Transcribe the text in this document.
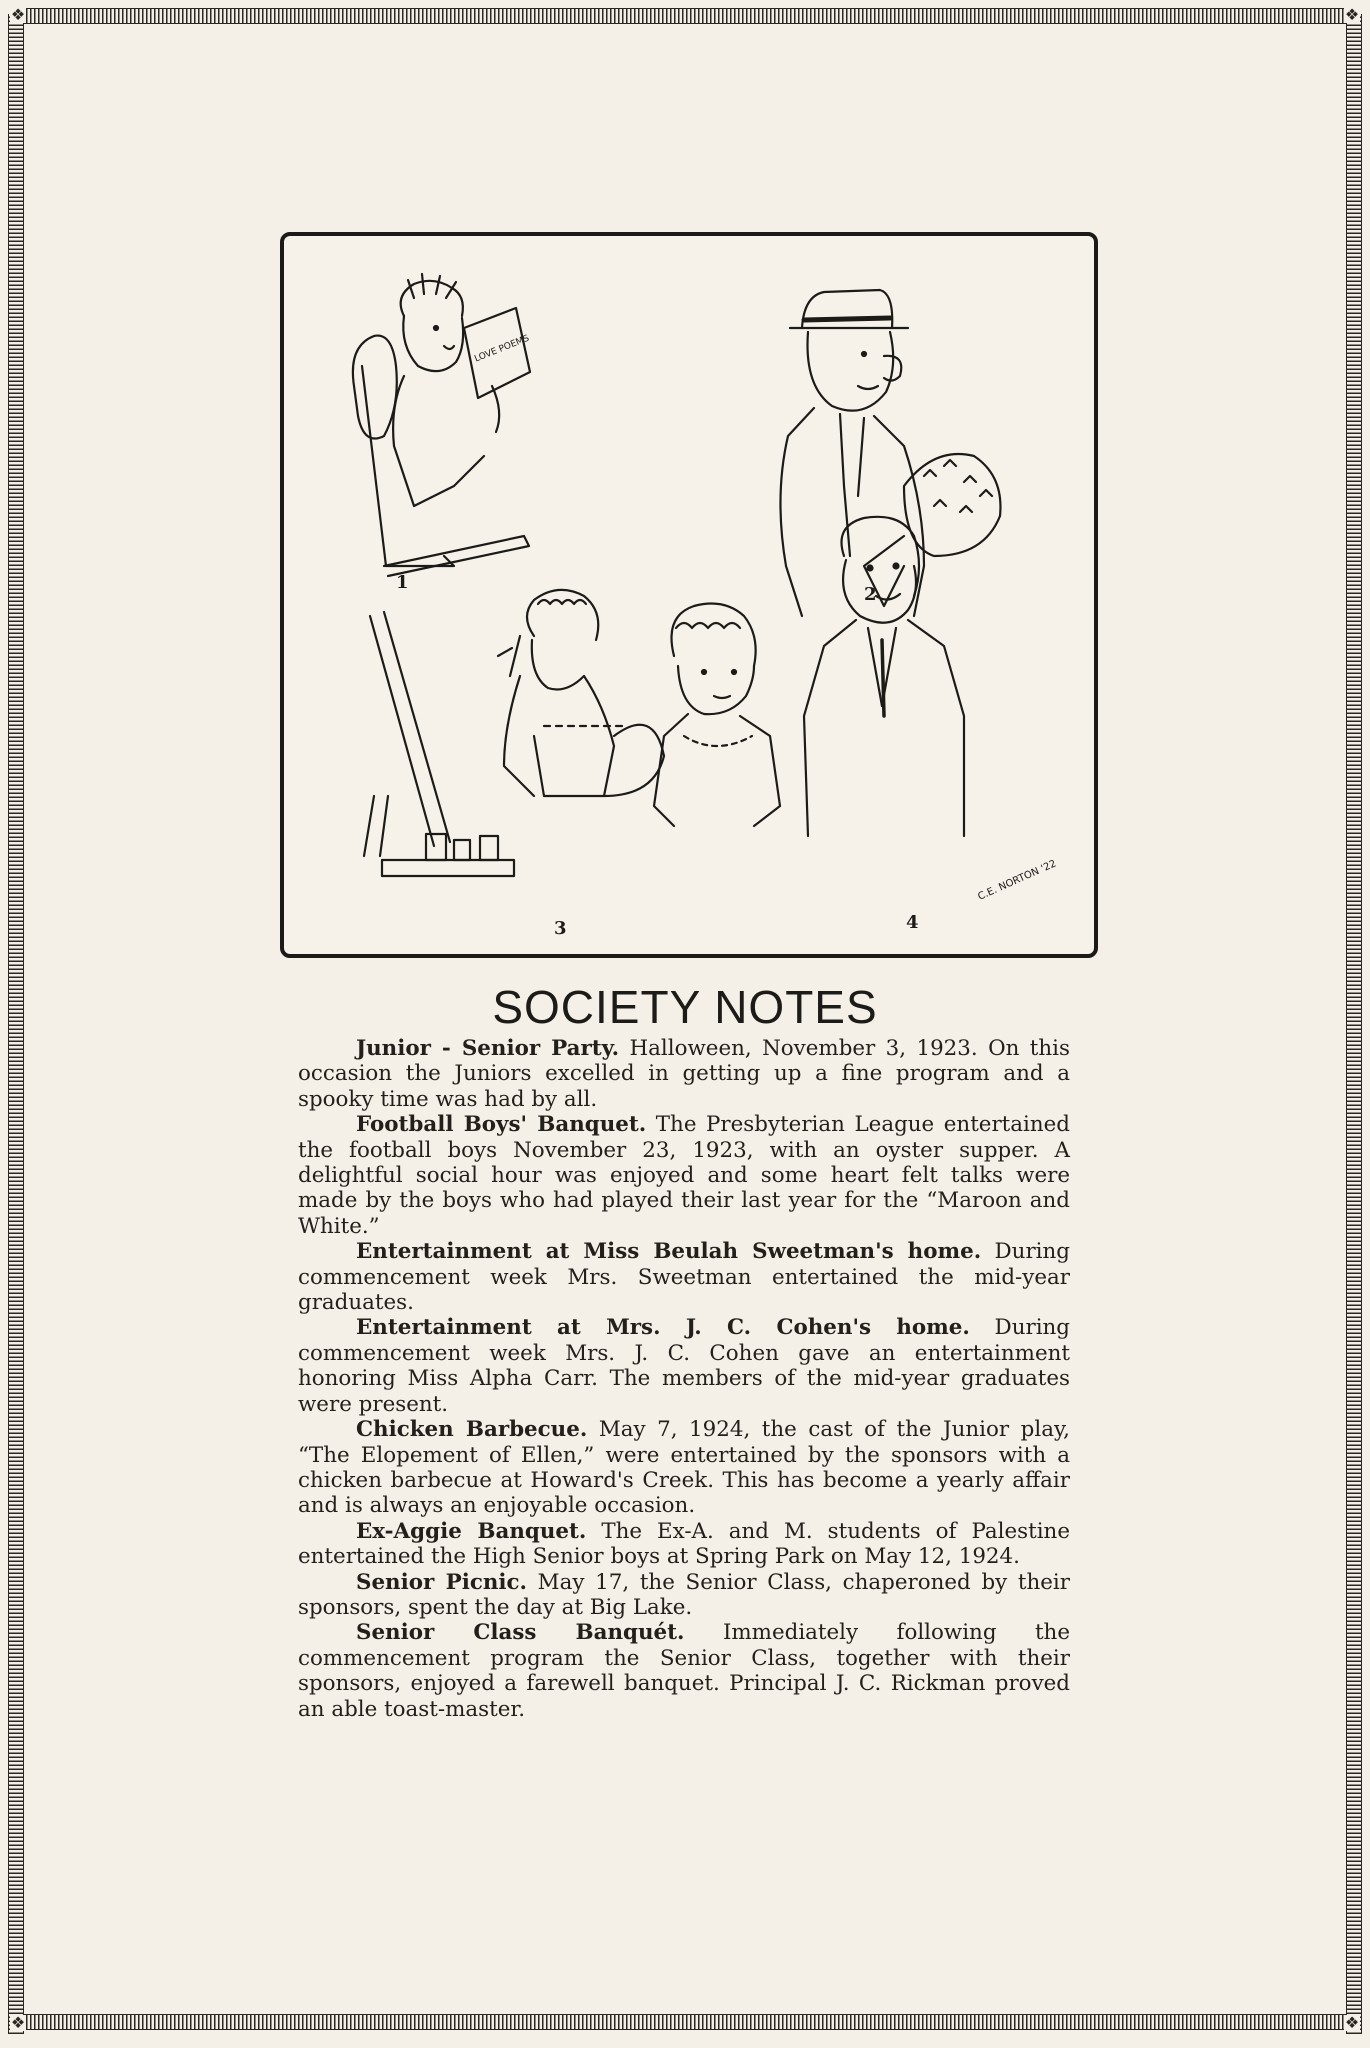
❖	❖
❖	❖
1
2
3	4
LOVE POEMS
C.E. NORTON '22
SOCIETY NOTES

Junior - Senior Party. Halloween, November 3, 1923. On this occasion the Juniors excelled in getting up a fine program and a spooky time was had by all.

Football Boys' Banquet. The Presbyterian League entertained the football boys November 23, 1923, with an oyster supper. A delightful social hour was enjoyed and some heart felt talks were made by the boys who had played their last year for the “Maroon and White.”

Entertainment at Miss Beulah Sweetman's home. During commencement week Mrs. Sweetman entertained the mid-year graduates.

Entertainment at Mrs. J. C. Cohen's home. During commencement week Mrs. J. C. Cohen gave an entertainment honoring Miss Alpha Carr. The members of the mid-year graduates were present.

Chicken Barbecue. May 7, 1924, the cast of the Junior play, “The Elopement of Ellen,” were entertained by the sponsors with a chicken barbecue at Howard's Creek. This has become a yearly affair and is always an enjoyable occasion.

Ex-Aggie Banquet. The Ex-A. and M. students of Palestine entertained the High Senior boys at Spring Park on May 12, 1924.

Senior Picnic. May 17, the Senior Class, chaperoned by their sponsors, spent the day at Big Lake.

Senior Class Banquét. Immediately following the commencement program the Senior Class, together with their sponsors, enjoyed a farewell banquet. Principal J. C. Rickman proved an able toast-master.
